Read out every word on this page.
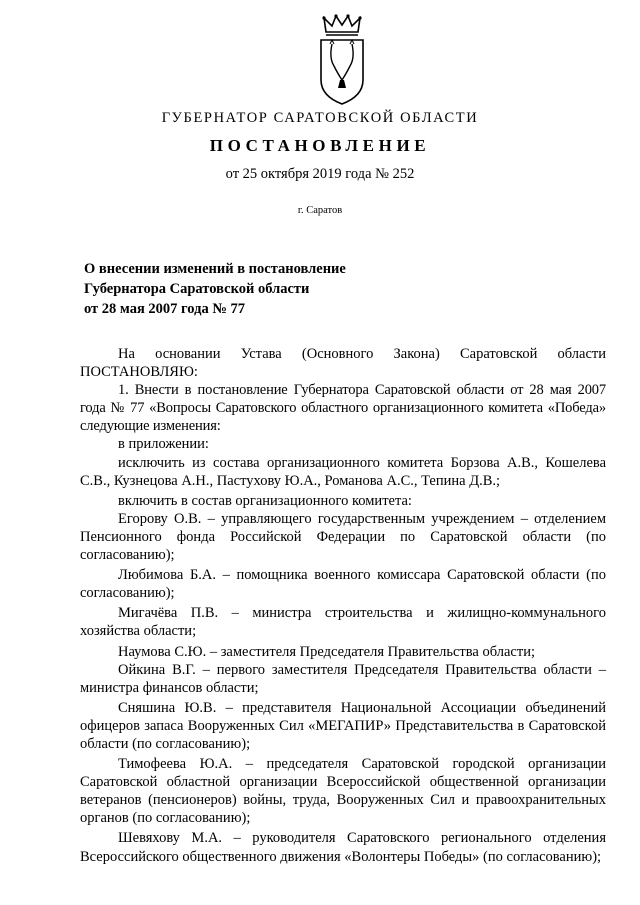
ГУБЕРНАТОР САРАТОВСКОЙ ОБЛАСТИ
ПОСТАНОВЛЕНИЕ
от 25 октября 2019 года № 252
г. Саратов
О внесении изменений в постановление
Губернатора Саратовской области
от 28 мая 2007 года № 77
На основании Устава (Основного Закона) Саратовской области
ПОСТАНОВЛЯЮ:
1. Внести в постановление Губернатора Саратовской области от 28 мая 2007 года № 77 «Вопросы Саратовского областного организационного комитета «Победа» следующие изменения:
в приложении:
исключить из состава организационного комитета Борзова А.В., Кошелева С.В., Кузнецова А.Н., Пастухову Ю.А., Романова А.С., Тепина Д.В.;
включить в состав организационного комитета:
Егорову О.В. – управляющего государственным учреждением – отделением Пенсионного фонда Российской Федерации по Саратовской области (по согласованию);
Любимова Б.А. – помощника военного комиссара Саратовской области (по согласованию);
Мигачёва П.В. – министра строительства и жилищно-коммунального хозяйства области;
Наумова С.Ю. – заместителя Председателя Правительства области;
Ойкина В.Г. – первого заместителя Председателя Правительства области – министра финансов области;
Сняшина Ю.В. – представителя Национальной Ассоциации объединений офицеров запаса Вооруженных Сил «МЕГАПИР» Представительства в Саратовской области (по согласованию);
Тимофеева Ю.А. – председателя Саратовской городской организации Саратовской областной организации Всероссийской общественной организации ветеранов (пенсионеров) войны, труда, Вооруженных Сил и правоохранительных органов (по согласованию);
Шевяхову М.А. – руководителя Саратовского регионального отделения Всероссийского общественного движения «Волонтеры Победы» (по согласованию);
